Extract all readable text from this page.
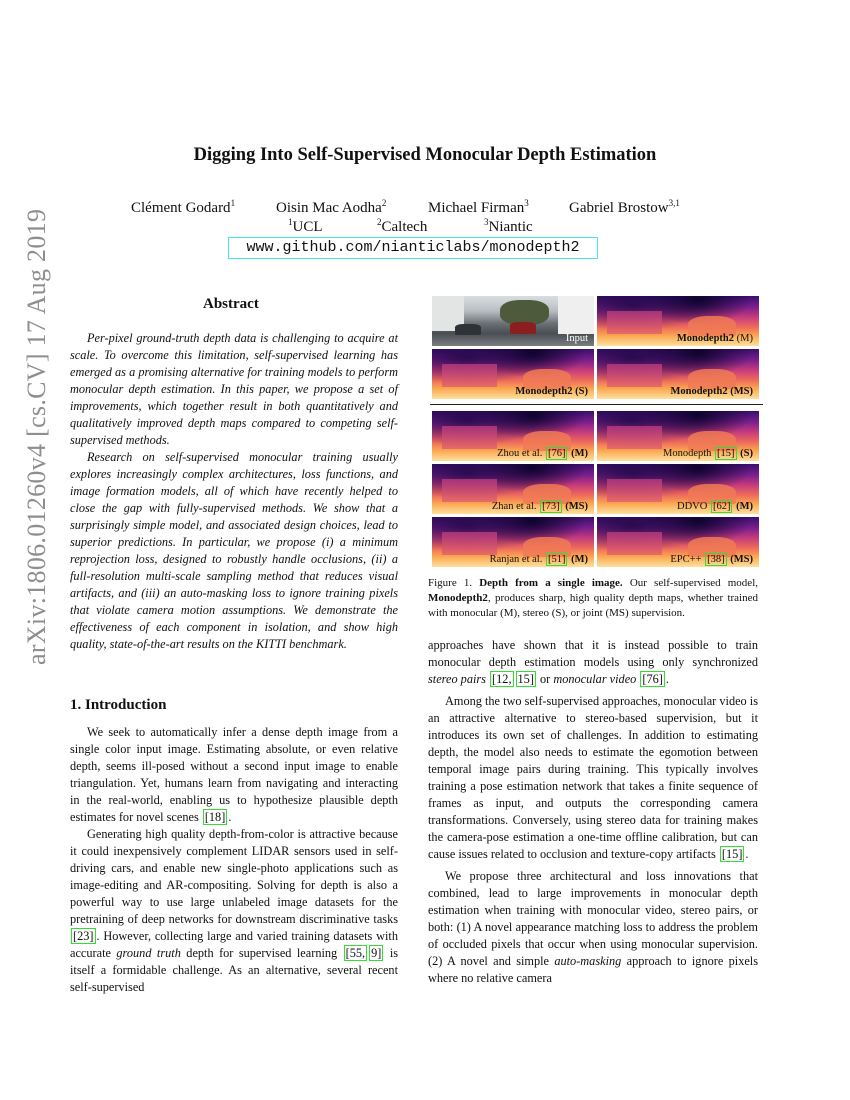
arXiv:1806.01260v4 [cs.CV] 17 Aug 2019
Digging Into Self-Supervised Monocular Depth Estimation
Clément Godard$^1$	Oisin Mac Aodha$^2$	Michael Firman$^3$	Gabriel Brostow$^{3,1}$
$^1$UCL	$^2$Caltech	$^3$Niantic
www.github.com/nianticlabs/monodepth2
Abstract

Per-pixel ground-truth depth data is challenging to acquire at scale. To overcome this limitation, self-supervised learning has emerged as a promising alternative for training models to perform monocular depth estimation. In this paper, we propose a set of improvements, which together result in both quantitatively and qualitatively improved depth maps compared to competing self-supervised methods.

Research on self-supervised monocular training usually explores increasingly complex architectures, loss functions, and image formation models, all of which have recently helped to close the gap with fully-supervised methods. We show that a surprisingly simple model, and associated design choices, lead to superior predictions. In particular, we propose (i) a minimum reprojection loss, designed to robustly handle occlusions, (ii) a full-resolution multi-scale sampling method that reduces visual artifacts, and (iii) an auto-masking loss to ignore training pixels that violate camera motion assumptions. We demonstrate the effectiveness of each component in isolation, and show high quality, state-of-the-art results on the KITTI benchmark.

1. Introduction

We seek to automatically infer a dense depth image from a single color input image. Estimating absolute, or even relative depth, seems ill-posed without a second input image to enable triangulation. Yet, humans learn from navigating and interacting in the real-world, enabling us to hypothesize plausible depth estimates for novel scenes [18] .

Generating high quality depth-from-color is attractive because it could inexpensively complement LIDAR sensors used in self-driving cars, and enable new single-photo applications such as image-editing and AR-compositing. Solving for depth is also a powerful way to use large unlabeled image datasets for the pretraining of deep networks for downstream discriminative tasks [23] . However, collecting large and varied training datasets with accurate ground truth depth for supervised learning [55, 9] is itself a formidable challenge. As an alternative, several recent self-supervised

Input	Monodepth2 (M)
Monodepth2 (S)	Monodepth2 (MS)
Zhou et al. [76] (M)	Monodepth [15] (S)
Zhan et al. [73] (MS)	DDVO [62] (M)
Ranjan et al. [51] (M)	EPC++ [38] (MS)
Figure 1. Depth from a single image. Our self-supervised model, Monodepth2, produces sharp, high quality depth maps, whether trained with monocular (M), stereo (S), or joint (MS) supervision.

approaches have shown that it is instead possible to train monocular depth estimation models using only synchronized stereo pairs [12, 15] or monocular video [76] .

Among the two self-supervised approaches, monocular video is an attractive alternative to stereo-based supervision, but it introduces its own set of challenges. In addition to estimating depth, the model also needs to estimate the egomotion between temporal image pairs during training. This typically involves training a pose estimation network that takes a finite sequence of frames as input, and outputs the corresponding camera transformations. Conversely, using stereo data for training makes the camera-pose estimation a one-time offline calibration, but can cause issues related to occlusion and texture-copy artifacts [15] .

We propose three architectural and loss innovations that combined, lead to large improvements in monocular depth estimation when training with monocular video, stereo pairs, or both: (1) A novel appearance matching loss to address the problem of occluded pixels that occur when using monocular supervision. (2) A novel and simple auto-masking approach to ignore pixels where no relative camera
